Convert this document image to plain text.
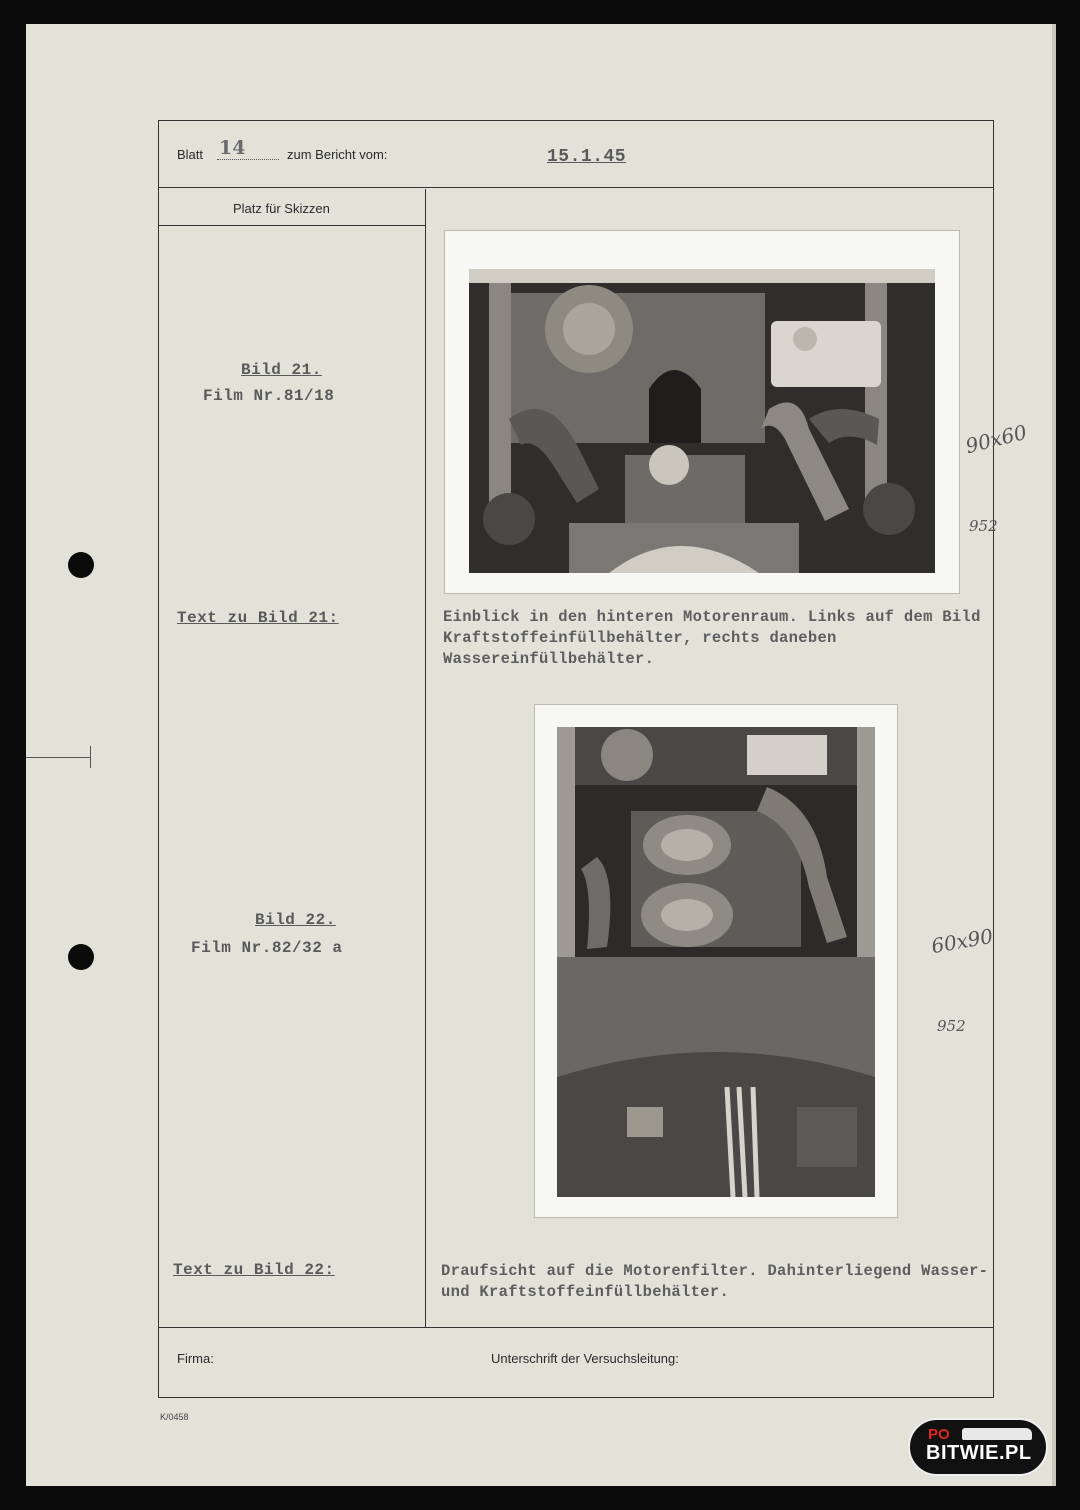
Blatt 14	zum Bericht vom:	15.1.45
Platz für Skizzen
Bild 21.
Film Nr.81/18
Text zu Bild 21:	Einblick in den hinteren Motorenraum. Links auf dem Bild Kraftstoffeinfüllbehälter, rechts daneben Wassereinfüllbehälter.
90x60
952
Bild 22.
Film Nr.82/32 a
Text zu Bild 22:	Draufsicht auf die Motorenfilter. Dahinterliegend Wasser- und Kraftstoffeinfüllbehälter.
60x90
952
Firma:	Unterschrift der Versuchsleitung:
K/0458
PO
BITWIE.PL
